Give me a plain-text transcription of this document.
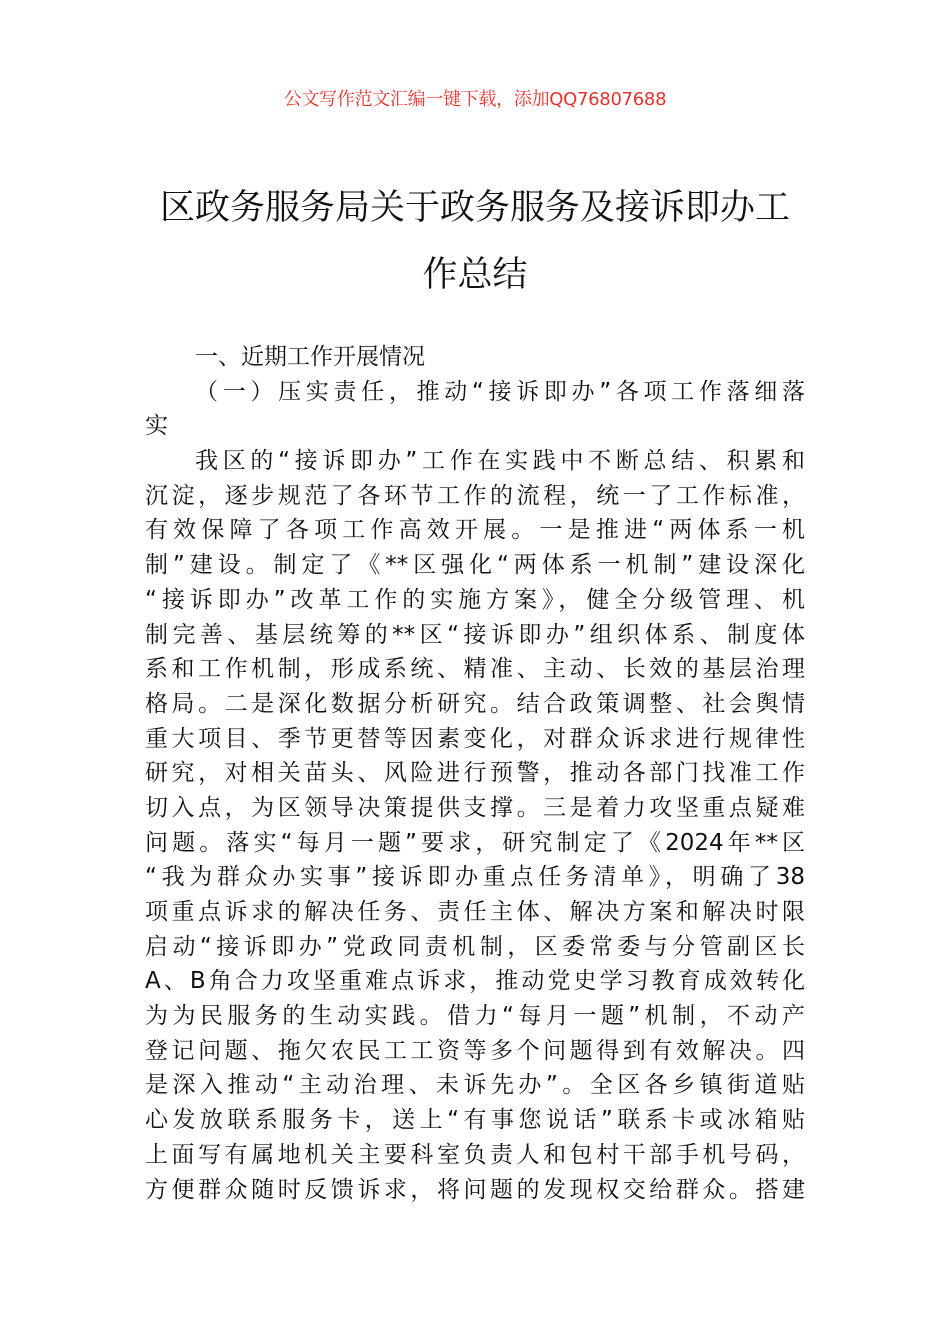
公文写作范文汇编一键下载，添加QQ76807688
区政务服务局关于政务服务及接诉即办工
作总结
一、近期工作开展情况
（一）压实责任，推动“接诉即办”各项工作落细落
实
我区的“接诉即办”工作在实践中不断总结、积累和
沉淀，逐步规范了各环节工作的流程，统一了工作标准，
有效保障了各项工作高效开展。一是推进“两体系一机
制”建设。制定了《**区强化“两体系一机制”建设深化
“接诉即办”改革工作的实施方案》，健全分级管理、机
制完善、基层统筹的**区“接诉即办”组织体系、制度体
系和工作机制，形成系统、精准、主动、长效的基层治理
格局。二是深化数据分析研究。结合政策调整、社会舆情
重大项目、季节更替等因素变化，对群众诉求进行规律性
研究，对相关苗头、风险进行预警，推动各部门找准工作
切入点，为区领导决策提供支撑。三是着力攻坚重点疑难
问题。落实“每月一题”要求，研究制定了《2024年**区
“我为群众办实事”接诉即办重点任务清单》，明确了38
项重点诉求的解决任务、责任主体、解决方案和解决时限
启动“接诉即办”党政同责机制，区委常委与分管副区长
A、B角合力攻坚重难点诉求，推动党史学习教育成效转化
为为民服务的生动实践。借力“每月一题”机制，不动产
登记问题、拖欠农民工工资等多个问题得到有效解决。四
是深入推动“主动治理、未诉先办”。全区各乡镇街道贴
心发放联系服务卡，送上“有事您说话”联系卡或冰箱贴
上面写有属地机关主要科室负责人和包村干部手机号码，
方便群众随时反馈诉求，将问题的发现权交给群众。搭建
